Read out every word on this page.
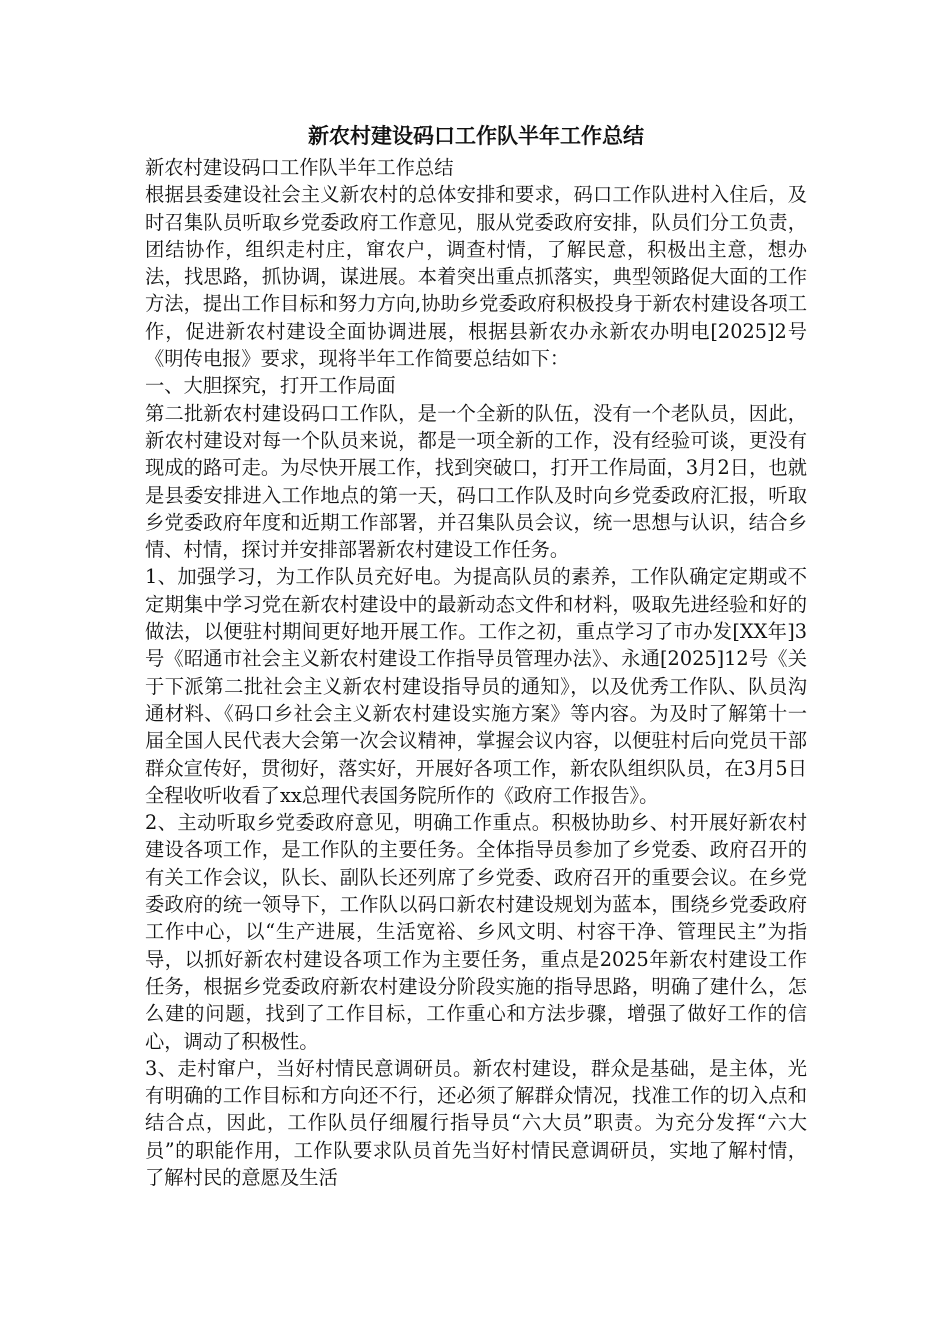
新农村建设码口工作队半年工作总结

新农村建设码口工作队半年工作总结

根据县委建设社会主义新农村的总体安排和要求，码口工作队进村入住后，及时召集队员听取乡党委政府工作意见，服从党委政府安排，队员们分工负责，团结协作，组织走村庄，窜农户，调查村情，了解民意，积极出主意，想办法，找思路，抓协调，谋进展。本着突出重点抓落实，典型领路促大面的工作方法，提出工作目标和努力方向,协助乡党委政府积极投身于新农村建设各项工作，促进新农村建设全面协调进展，根据县新农办永新农办明电[2025]2号《明传电报》要求，现将半年工作简要总结如下：

一、大胆探究，打开工作局面

第二批新农村建设码口工作队，是一个全新的队伍，没有一个老队员，因此，新农村建设对每一个队员来说，都是一项全新的工作，没有经验可谈，更没有现成的路可走。为尽快开展工作，找到突破口，打开工作局面，3月2日，也就是县委安排进入工作地点的第一天，码口工作队及时向乡党委政府汇报，听取乡党委政府年度和近期工作部署，并召集队员会议，统一思想与认识，结合乡情、村情，探讨并安排部署新农村建设工作任务。

1、加强学习，为工作队员充好电。为提高队员的素养，工作队确定定期或不定期集中学习党在新农村建设中的最新动态文件和材料，吸取先进经验和好的做法，以便驻村期间更好地开展工作。工作之初，重点学习了市办发[XX年]3号《昭通市社会主义新农村建设工作指导员管理办法》、永通[2025]12号《关于下派第二批社会主义新农村建设指导员的通知》，以及优秀工作队、队员沟通材料、《码口乡社会主义新农村建设实施方案》等内容。为及时了解第十一届全国人民代表大会第一次会议精神，掌握会议内容，以便驻村后向党员干部群众宣传好，贯彻好，落实好，开展好各项工作，新农队组织队员，在3月5日全程收听收看了xx总理代表国务院所作的《政府工作报告》。

2、主动听取乡党委政府意见，明确工作重点。积极协助乡、村开展好新农村建设各项工作，是工作队的主要任务。全体指导员参加了乡党委、政府召开的有关工作会议，队长、副队长还列席了乡党委、政府召开的重要会议。在乡党委政府的统一领导下，工作队以码口新农村建设规划为蓝本，围绕乡党委政府工作中心，以“生产进展，生活宽裕、乡风文明、村容干净、管理民主”为指导，以抓好新农村建设各项工作为主要任务，重点是2025年新农村建设工作任务，根据乡党委政府新农村建设分阶段实施的指导思路，明确了建什么，怎么建的问题，找到了工作目标，工作重心和方法步骤，增强了做好工作的信心，调动了积极性。

3、走村窜户，当好村情民意调研员。新农村建设，群众是基础，是主体，光有明确的工作目标和方向还不行，还必须了解群众情况，找准工作的切入点和结合点，因此，工作队员仔细履行指导员“六大员”职责。为充分发挥“六大员”的职能作用，工作队要求队员首先当好村情民意调研员，实地了解村情，了解村民的意愿及生活
